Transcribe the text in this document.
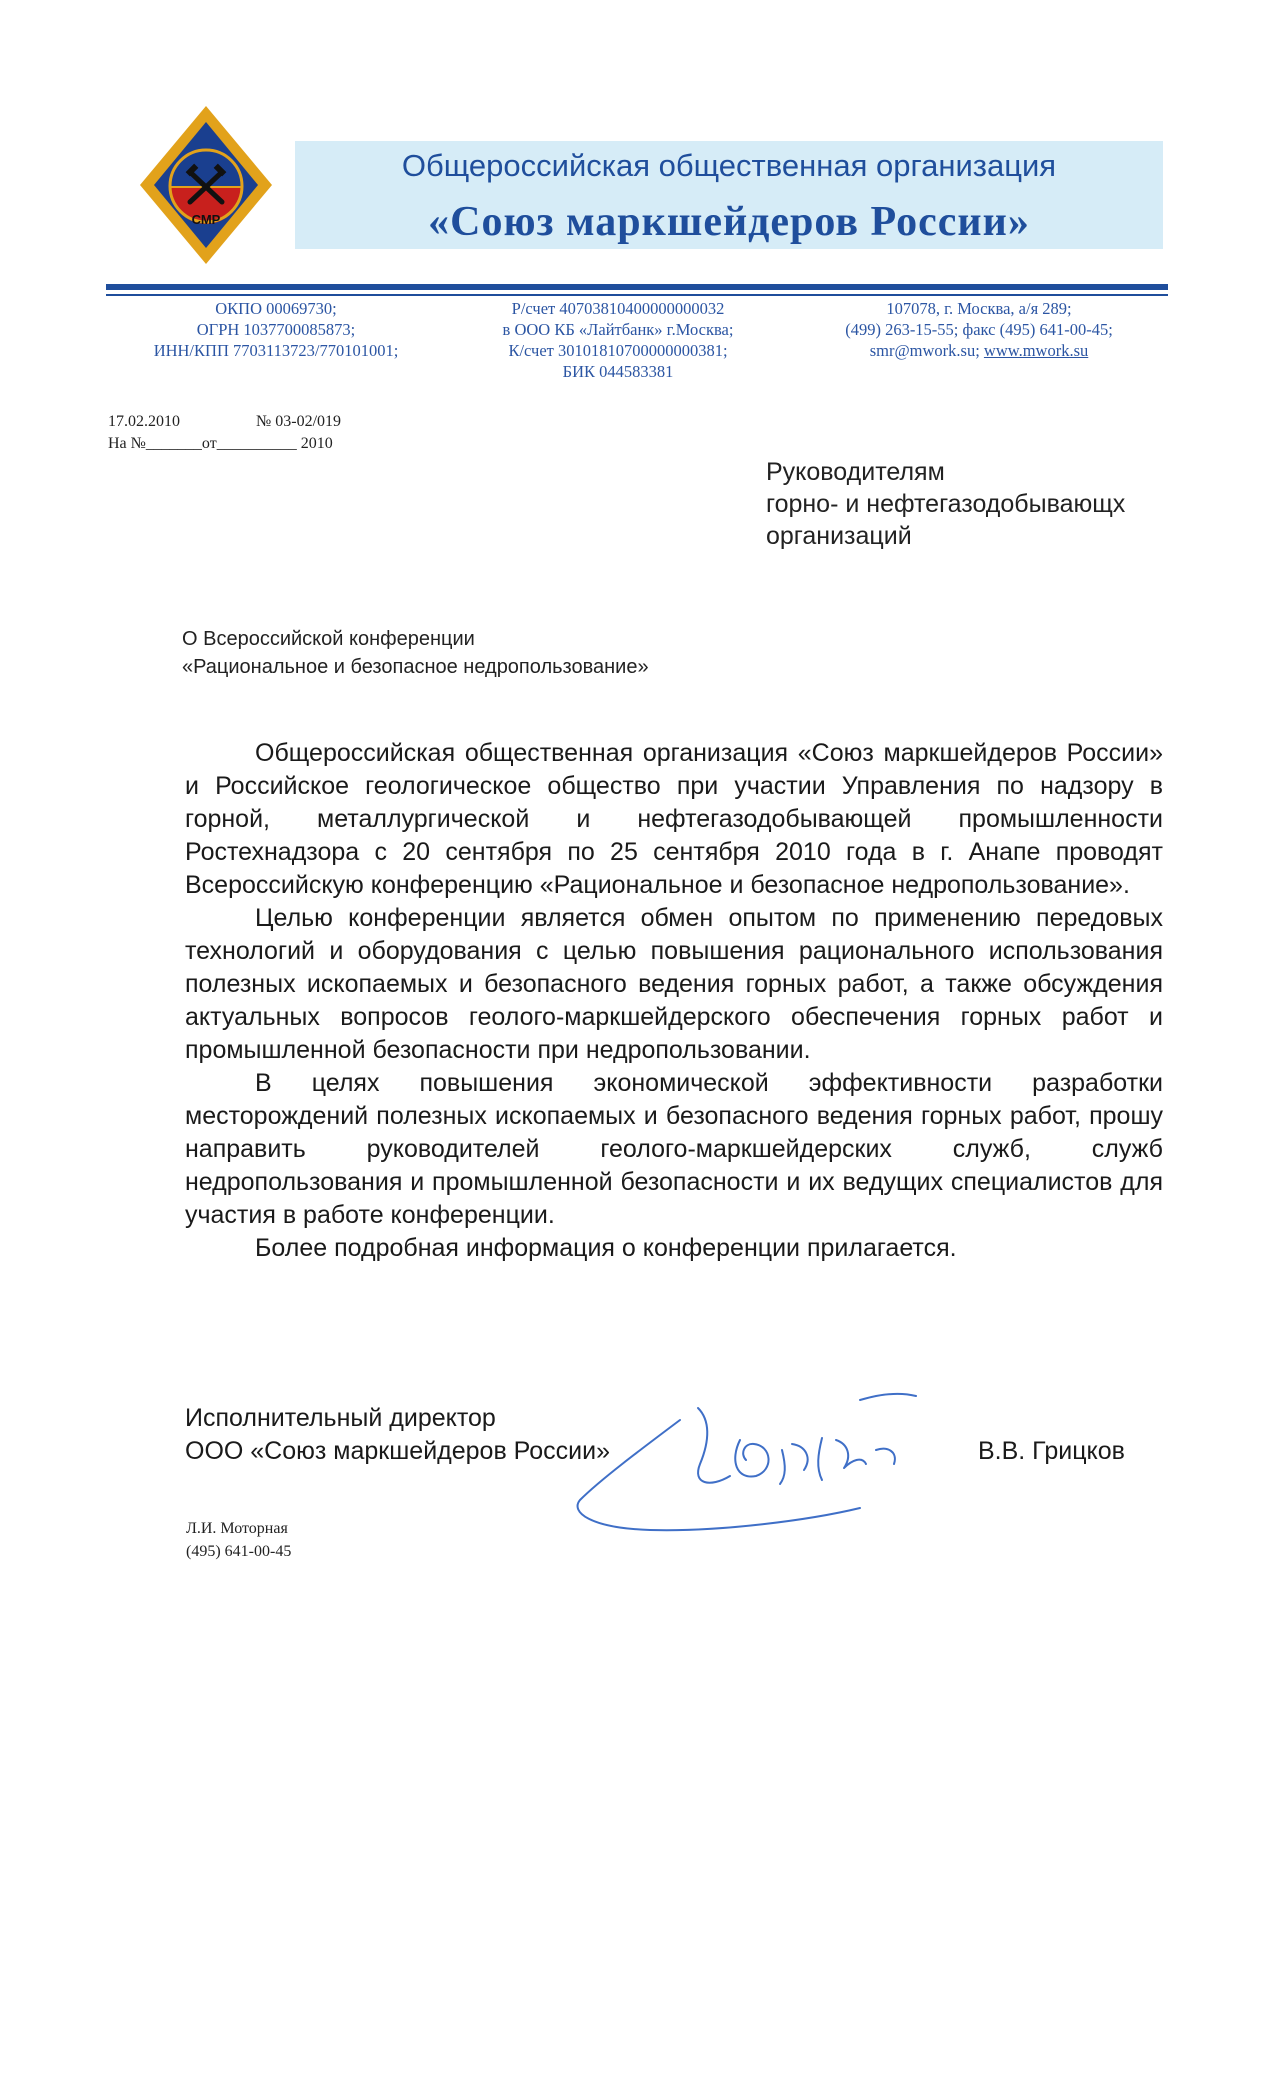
СМР
Общероссийская общественная организация
«Союз маркшейдеров России»
ОКПО 00069730;
ОГРН 1037700085873;
ИНН/КПП 7703113723/770101001;
Р/счет 40703810400000000032
в ООО КБ «Лайтбанк» г.Москва;
К/счет 30101810700000000381;
БИК 044583381
107078, г. Москва, а/я 289;
(499) 263-15-55; факс (495) 641-00-45;
smr@mwork.su; www.mwork.su
17.02.2010	№ 03-02/019
На №_______от__________ 2010
Руководителям
горно- и нефтегазодобывающх
организаций
О Всероссийской конференции
«Рациональное и безопасное недропользование»

Общероссийская общественная организация «Союз маркшейдеров России» и Российское геологическое общество при участии Управления по надзору в горной, металлургической и нефтегазодобывающей промышленности Ростехнадзора с 20 сентября по 25 сентября 2010 года в г. Анапе проводят Всероссийскую конференцию «Рациональное и безопасное недропользование».

Целью конференции является обмен опытом по применению передовых технологий и оборудования с целью повышения рационального использования полезных ископаемых и безопасного ведения горных работ, а также обсуждения актуальных вопросов геолого-маркшейдерского обеспечения горных работ и промышленной безопасности при недропользовании.

В целях повышения экономической эффективности разработки месторождений полезных ископаемых и безопасного ведения горных работ, прошу направить руководителей геолого-маркшейдерских служб, служб недропользования и промышленной безопасности и их ведущих специалистов для участия в работе конференции.

Более подробная информация о конференции прилагается.

Исполнительный директор
ООО «Союз маркшейдеров России»	В.В. Грицков
Л.И. Моторная
(495) 641-00-45
